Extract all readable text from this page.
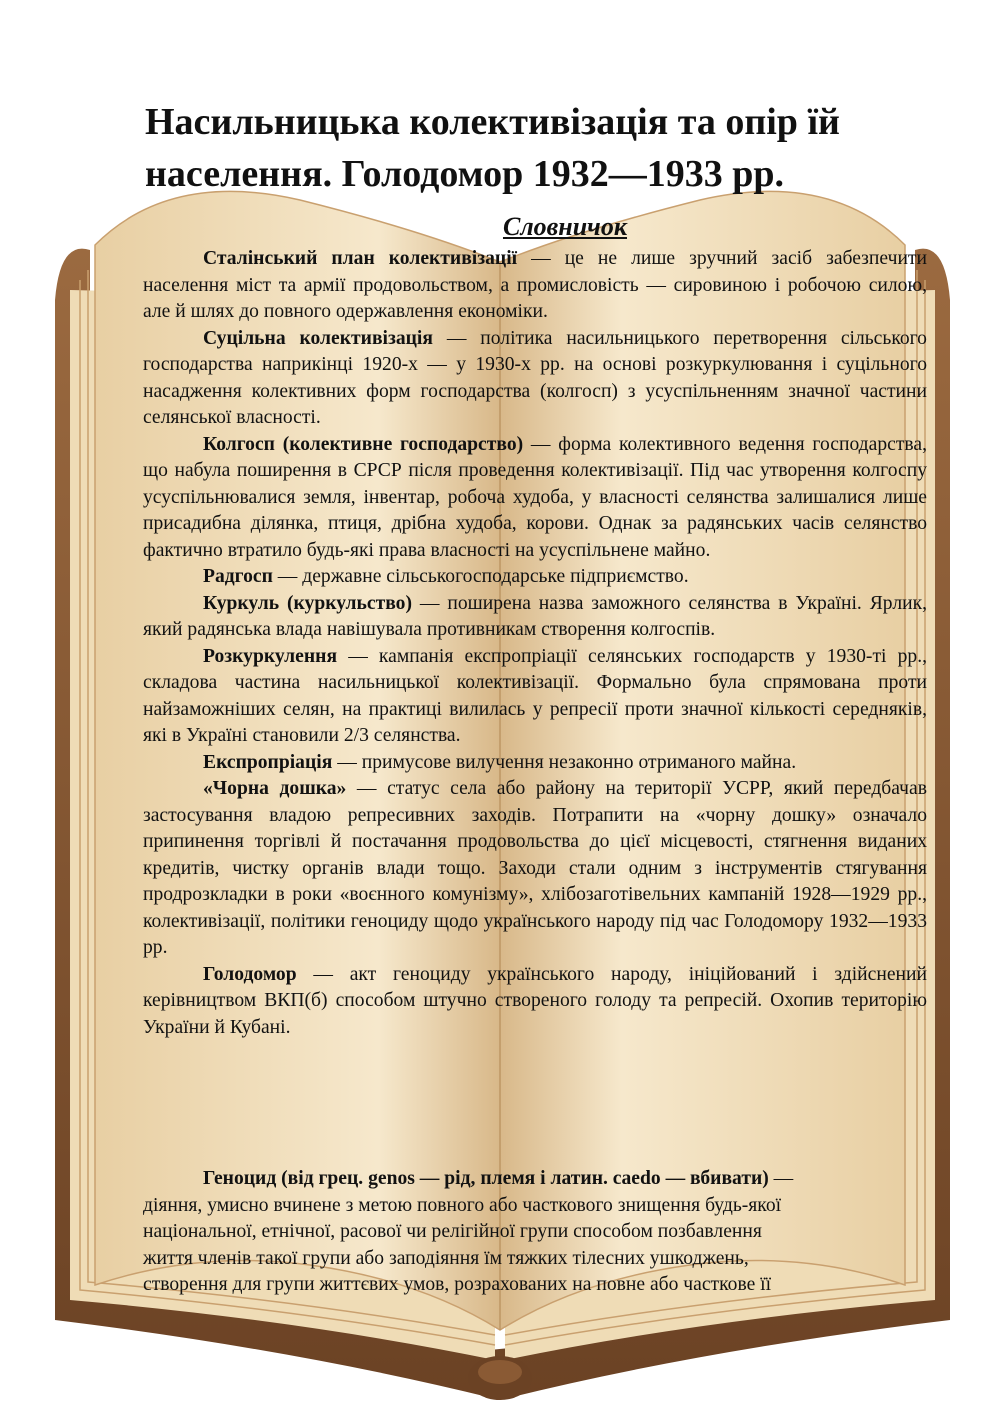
Насильницька колективізація та опір їй
населення. Голодомор 1932—1933 рр.

Словничок

Сталінський план колективізації — це не лише зручний засіб забезпечити населення міст та армії продовольством, а промисловість — сировиною і робочою силою, але й шлях до повного одержавлення економіки.

Суцільна колективізація — політика насильницького перетворення сільського господарства наприкінці 1920-х — у 1930-х рр. на основі розкуркулювання і суцільного насадження колективних форм господарства (колгосп) з усуспільненням значної частини селянської власності.

Колгосп (колективне господарство) — форма колективного ведення господарства, що набула поширення в СРСР після проведення колективізації. Під час утворення колгоспу усуспільнювалися земля, інвентар, робоча худоба, у власності селянства залишалися лише присадибна ділянка, птиця, дрібна худоба, корови. Однак за радянських часів селянство фактично втратило будь-які права власності на усуспільнене майно.

Радгосп — державне сільськогосподарське підприємство.

Куркуль (куркульство) — поширена назва заможного селянства в Україні. Ярлик, який радянська влада навішувала противникам створення колгоспів.

Розкуркулення — кампанія експропріації селянських господарств у 1930-ті рр., складова частина насильницької колективізації. Формально була спрямована проти найзаможніших селян, на практиці вилилась у репресії проти значної кількості середняків, які в Україні становили 2/3 селянства.

Експропріація — примусове вилучення незаконно отриманого майна.

«Чорна дошка» — статус села або району на території УСРР, який передбачав застосування владою репресивних заходів. Потрапити на «чорну дошку» означало припинення торгівлі й постачання продовольства до цієї місцевості, стягнення виданих кредитів, чистку органів влади тощо. Заходи стали одним з інструментів стягування продрозкладки в роки «воєнного комунізму», хлібозаготівельних кампаній 1928—1929 рр., колективізації, політики геноциду щодо українського народу під час Голодомору 1932—1933 рр.

Голодомор — акт геноциду українського народу, ініційований і здійснений керівництвом ВКП(б) способом штучно створеного голоду та репресій. Охопив територію України й Кубані.

Геноцид (від грец. genos — рід, племя і латин. caedo — вбивати) —

діяння, умисно вчинене з метою повного або часткового знищення будь-якої
національної, етнічної, расової чи релігійної групи способом позбавлення
життя членів такої групи або заподіяння їм тяжких тілесних ушкоджень,
створення для групи життєвих умов, розрахованих на повне або часткове її
